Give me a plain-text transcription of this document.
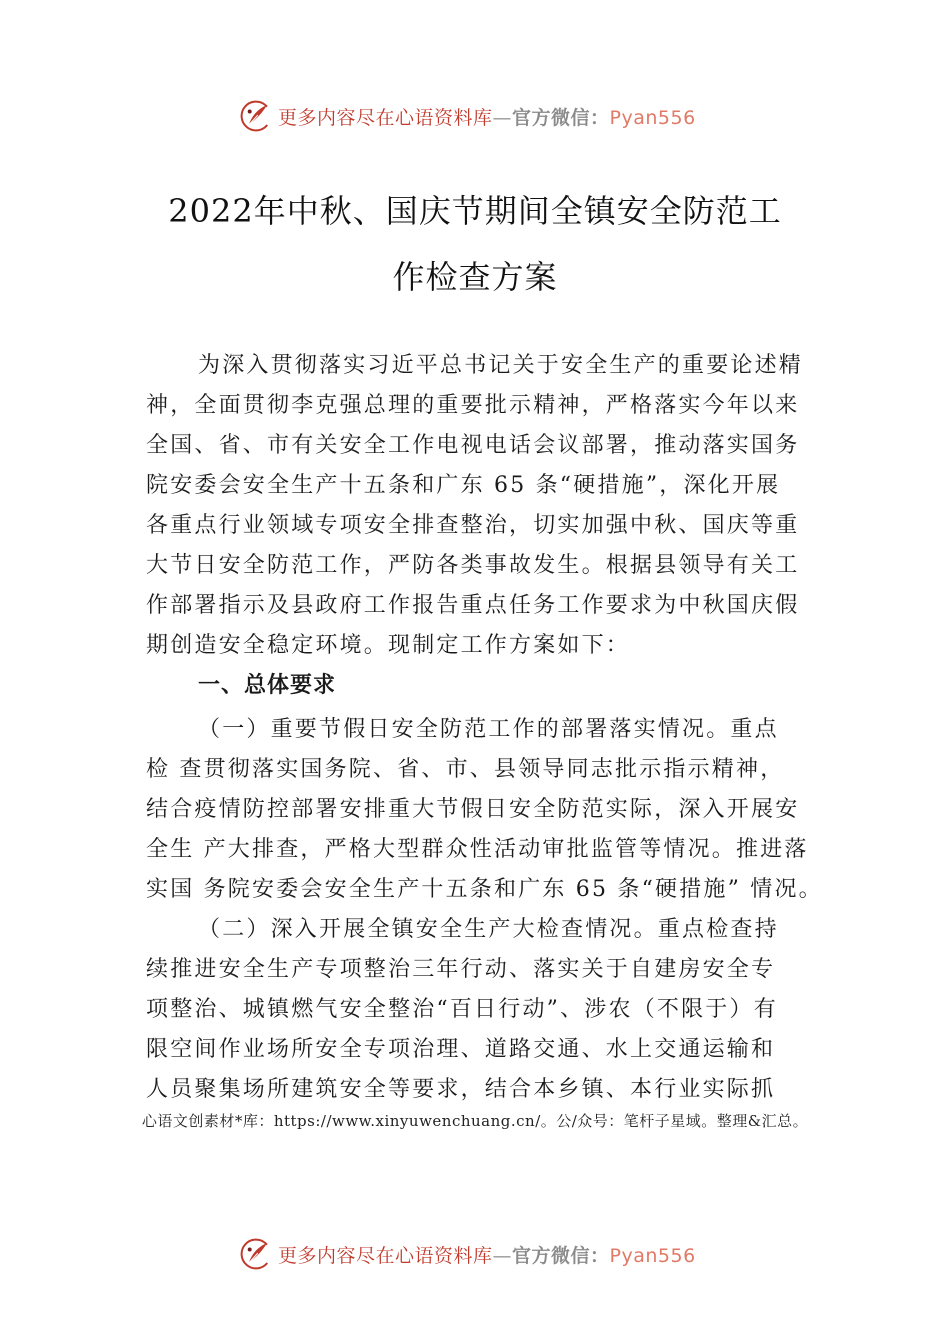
更多内容尽在心语资料库—官方微信：Pyan556
2022年中秋、国庆节期间全镇安全防范工
作检查方案
为深入贯彻落实习近平总书记关于安全生产的重要论述精
神，全面贯彻李克强总理的重要批示精神，严格落实今年以来
全国、省、市有关安全工作电视电话会议部署，推动落实国务
院安委会安全生产十五条和广东 65 条“硬措施”，深化开展
各重点行业领域专项安全排查整治，切实加强中秋、国庆等重
大节日安全防范工作，严防各类事故发生。根据县领导有关工
作部署指示及县政府工作报告重点任务工作要求为中秋国庆假
期创造安全稳定环境。现制定工作方案如下：
一、总体要求
（一）重要节假日安全防范工作的部署落实情况。重点
检 查贯彻落实国务院、省、市、县领导同志批示指示精神，
结合疫情防控部署安排重大节假日安全防范实际，深入开展安
全生 产大排查，严格大型群众性活动审批监管等情况。推进落
实国 务院安委会安全生产十五条和广东 65 条“硬措施” 情况。
（二）深入开展全镇安全生产大检查情况。重点检查持
续推进安全生产专项整治三年行动、落实关于自建房安全专
项整治、城镇燃气安全整治“百日行动”、涉农（不限于）有
限空间作业场所安全专项治理、道路交通、水上交通运输和
人员聚集场所建筑安全等要求，结合本乡镇、本行业实际抓
心语文创素材*库：https://www.xinyuwenchuang.cn/。公/众号：笔杆子星域。整理&汇总。
更多内容尽在心语资料库—官方微信：Pyan556
